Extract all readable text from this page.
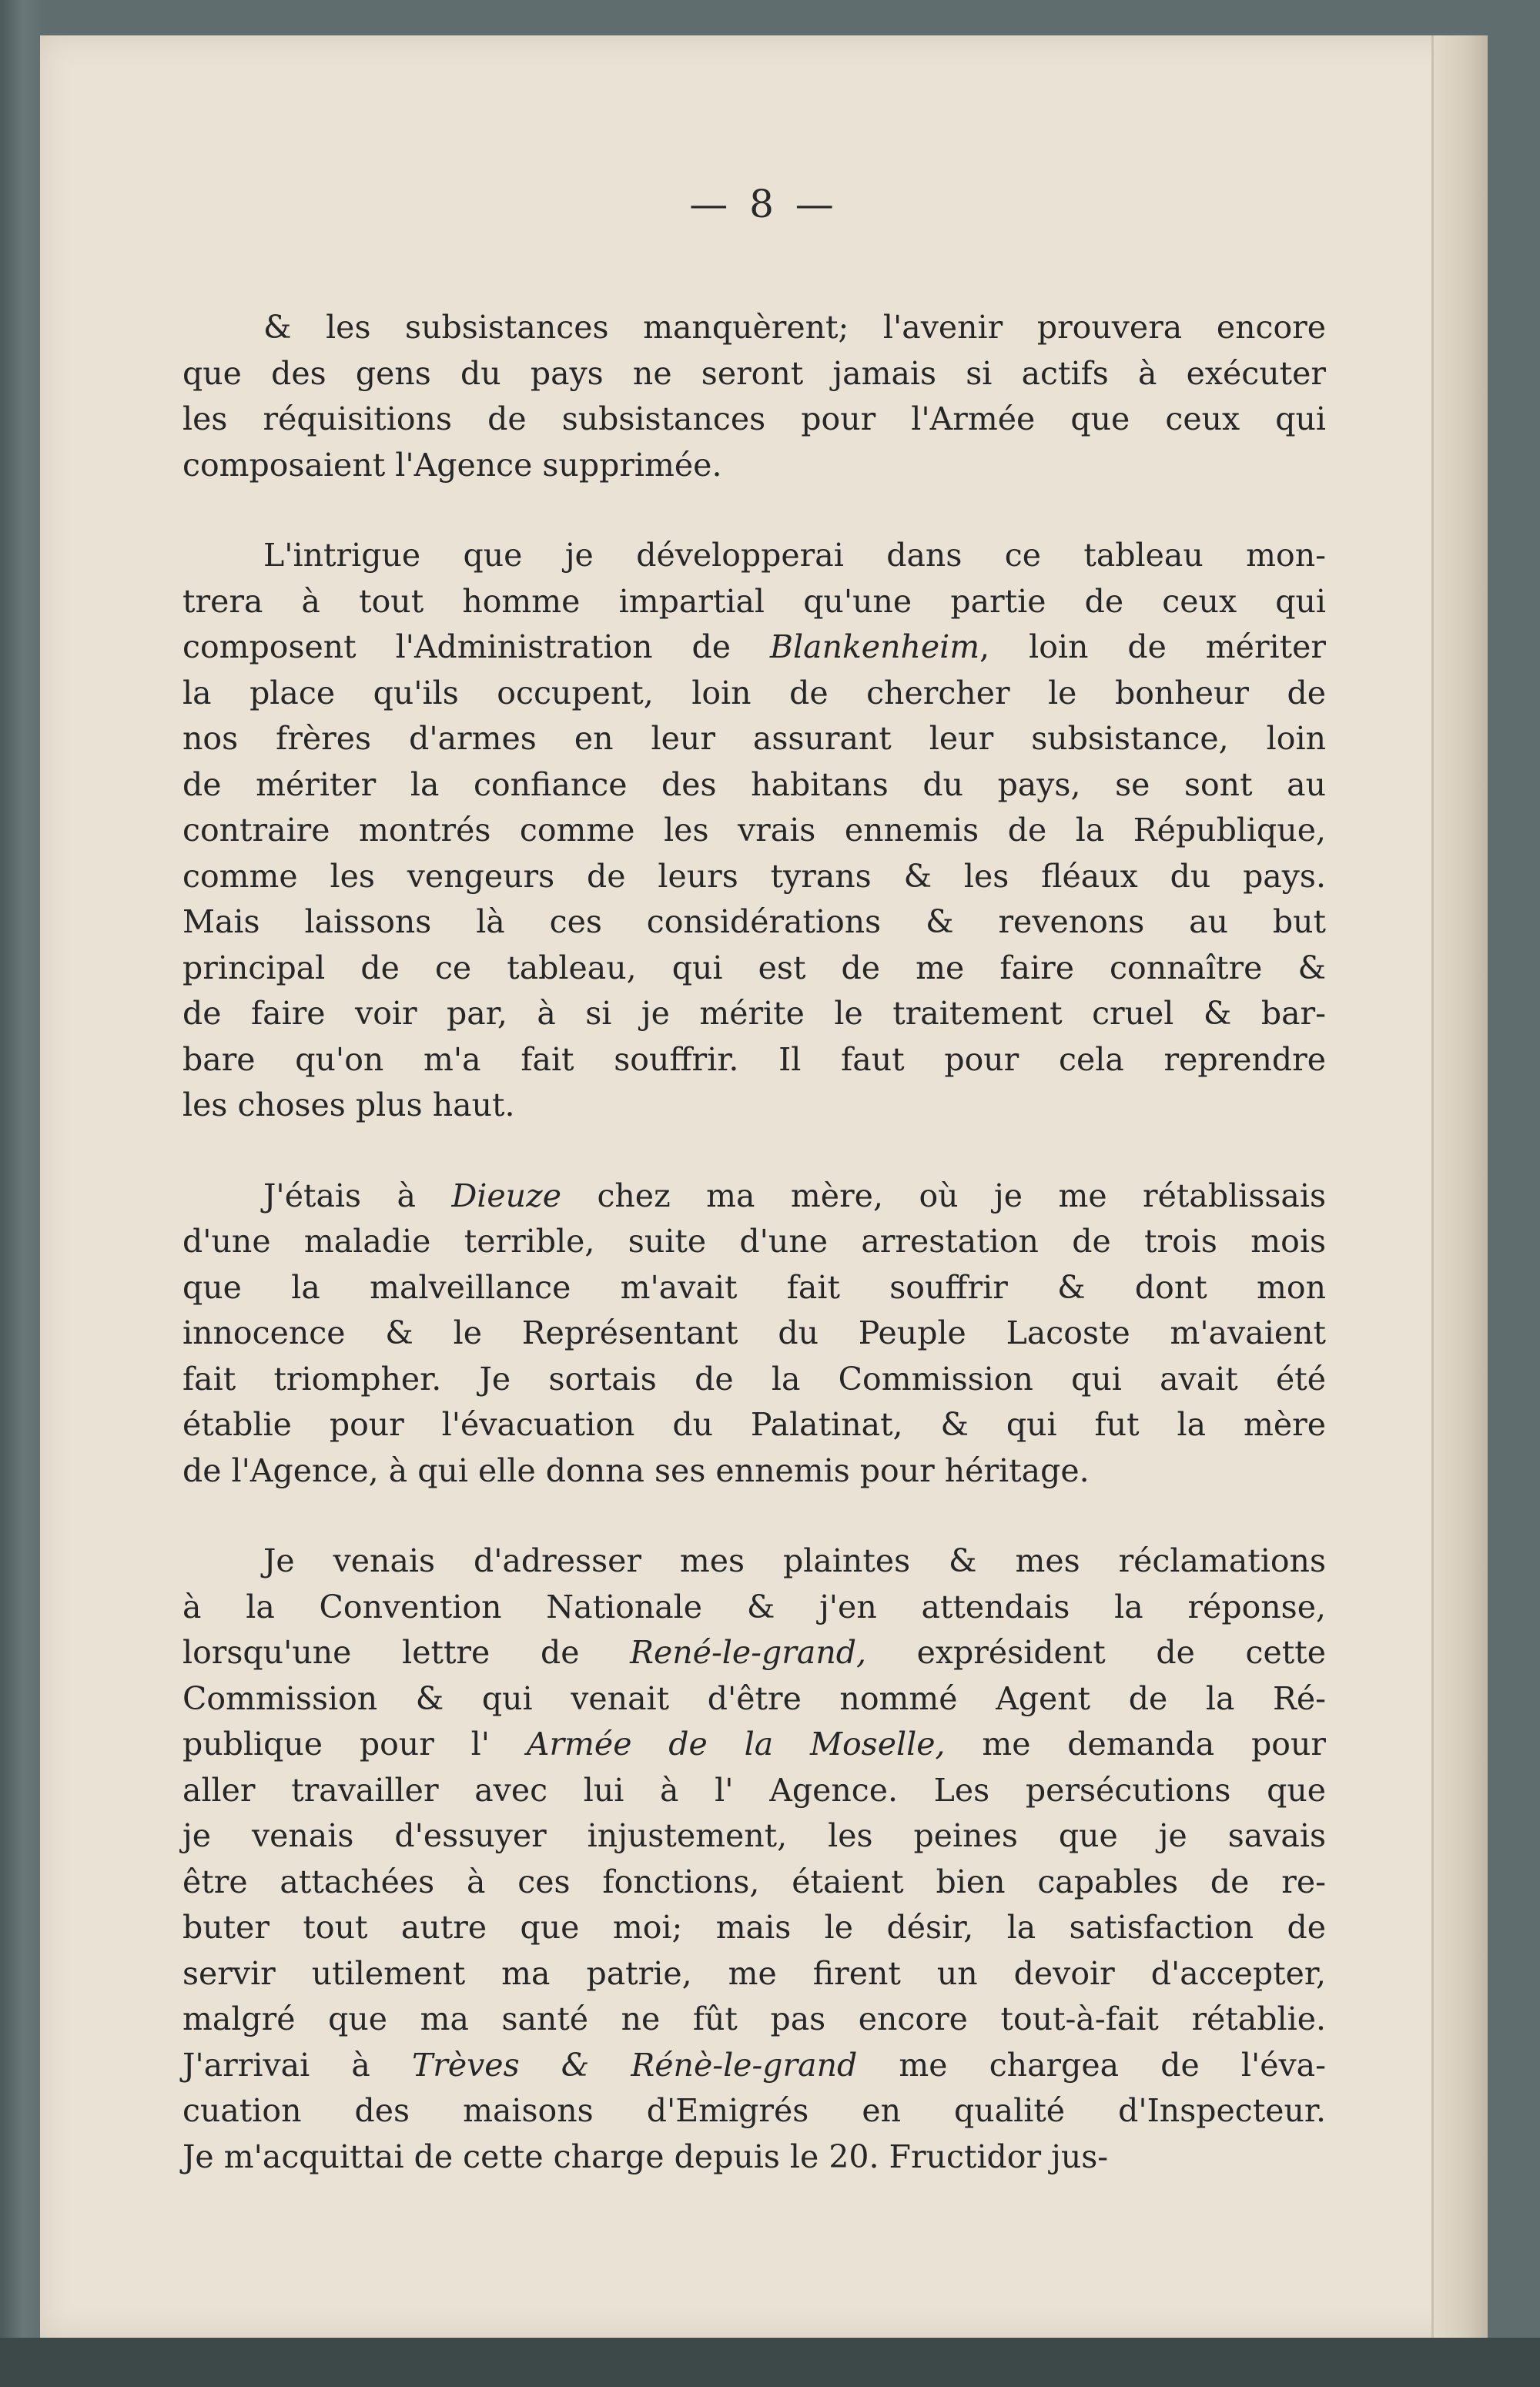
— 8 —
& les subsistances manquèrent; l'avenir prouvera encore
que des gens du pays ne seront jamais si actifs à exécuter
les réquisitions de subsistances pour l'Armée que ceux qui
composaient l'Agence supprimée.
L'intrigue que je développerai dans ce tableau mon-
trera à tout homme impartial qu'une partie de ceux qui
composent l'Administration de Blankenheim, loin de mériter
la place qu'ils occupent, loin de chercher le bonheur de
nos frères d'armes en leur assurant leur subsistance, loin
de mériter la confiance des habitans du pays, se sont au
contraire montrés comme les vrais ennemis de la République,
comme les vengeurs de leurs tyrans & les fléaux du pays.
Mais laissons là ces considérations & revenons au but
principal de ce tableau, qui est de me faire connaître &
de faire voir par, à si je mérite le traitement cruel & bar-
bare qu'on m'a fait souffrir. Il faut pour cela reprendre
les choses plus haut.
J'étais à Dieuze chez ma mère, où je me rétablissais
d'une maladie terrible, suite d'une arrestation de trois mois
que la malveillance m'avait fait souffrir & dont mon
innocence & le Représentant du Peuple Lacoste m'avaient
fait triompher. Je sortais de la Commission qui avait été
établie pour l'évacuation du Palatinat, & qui fut la mère
de l'Agence, à qui elle donna ses ennemis pour héritage.
Je venais d'adresser mes plaintes & mes réclamations
à la Convention Nationale & j'en attendais la réponse,
lorsqu'une lettre de René-le-grand, exprésident de cette
Commission & qui venait d'être nommé Agent de la Ré-
publique pour l' Armée de la Moselle, me demanda pour
aller travailler avec lui à l' Agence. Les persécutions que
je venais d'essuyer injustement, les peines que je savais
être attachées à ces fonctions, étaient bien capables de re-
buter tout autre que moi; mais le désir, la satisfaction de
servir utilement ma patrie, me firent un devoir d'accepter,
malgré que ma santé ne fût pas encore tout-à-fait rétablie.
J'arrivai à Trèves & Rénè-le-grand me chargea de l'éva-
cuation des maisons d'Emigrés en qualité d'Inspecteur.
Je m'acquittai de cette charge depuis le 20. Fructidor jus-
